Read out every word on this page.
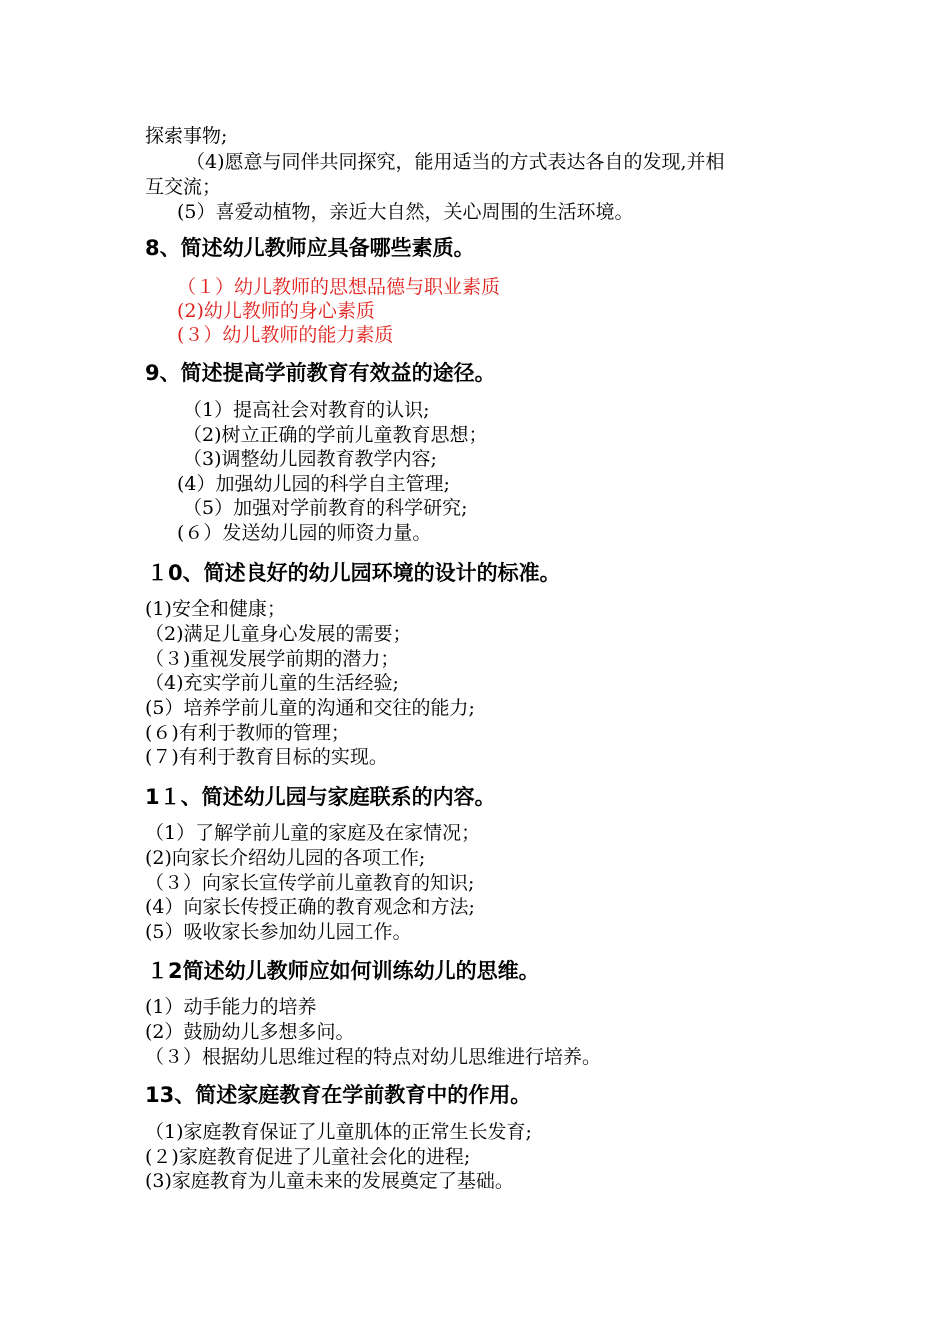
探索事物;
（4)愿意与同伴共同探究，能用适当的方式表达各自的发现,并相
互交流；
(5）喜爱动植物，亲近大自然，关心周围的生活环境。
8、简述幼儿教师应具备哪些素质。
（１）幼儿教师的思想品德与职业素质
(2)幼儿教师的身心素质
(３）幼儿教师的能力素质
9、简述提高学前教育有效益的途径。
（1）提高社会对教育的认识;
（2)树立正确的学前儿童教育思想；
（3)调整幼儿园教育教学内容;
(4）加强幼儿园的科学自主管理;
（5）加强对学前教育的科学研究;
(６）发送幼儿园的师资力量。
１0、简述良好的幼儿园环境的设计的标准。
(1)安全和健康；
（2)满足儿童身心发展的需要；
（３)重视发展学前期的潜力；
（4)充实学前儿童的生活经验;
(5）培养学前儿童的沟通和交往的能力;
(６)有利于教师的管理；
(７)有利于教育目标的实现。
1１、简述幼儿园与家庭联系的内容。
（1）了解学前儿童的家庭及在家情况；
(2)向家长介绍幼儿园的各项工作;
（３）向家长宣传学前儿童教育的知识;
(4）向家长传授正确的教育观念和方法;
(5）吸收家长参加幼儿园工作。
１2简述幼儿教师应如何训练幼儿的思维。
(1）动手能力的培养
(2）鼓励幼儿多想多问。
（３）根据幼儿思维过程的特点对幼儿思维进行培养。
13、简述家庭教育在学前教育中的作用。
（1)家庭教育保证了儿童肌体的正常生长发育;
(２)家庭教育促进了儿童社会化的进程;
(3)家庭教育为儿童未来的发展奠定了基础。
